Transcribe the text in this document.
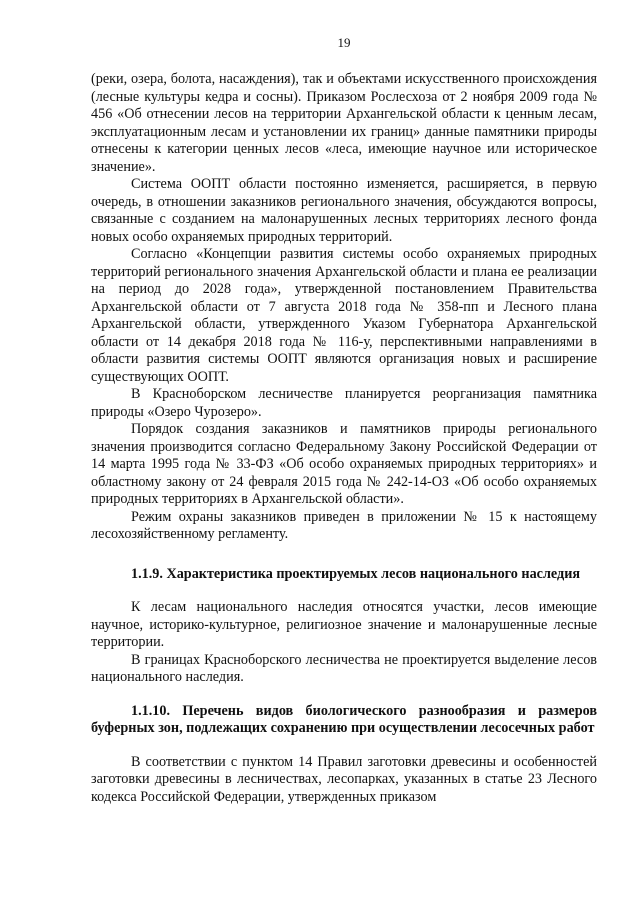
19

(реки, озера, болота, насаждения), так и объектами искусственного происхождения (лесные культуры кедра и сосны). Приказом Рослесхоза от 2 ноября 2009 года № 456 «Об отнесении лесов на территории Архангельской области к ценным лесам, эксплуатационным лесам и установлении их границ» данные памятники природы отнесены к категории ценных лесов «леса, имеющие научное или историческое значение».

Система ООПТ области постоянно изменяется, расширяется, в первую очередь, в отношении заказников регионального значения, обсуждаются вопросы, связанные с созданием на малонарушенных лесных территориях лесного фонда новых особо охраняемых природных территорий.

Согласно «Концепции развития системы особо охраняемых природных территорий регионального значения Архангельской области и плана ее реализации на период до 2028 года», утвержденной постановлением Правительства Архангельской области от 7 августа 2018 года № 358-пп и Лесного плана Архангельской области, утвержденного Указом Губернатора Архангельской области от 14 декабря 2018 года № 116-у, перспективными направлениями в области развития системы ООПТ являются организация новых и расширение существующих ООПТ.

В Красноборском лесничестве планируется реорганизация памятника природы «Озеро Чурозеро».

Порядок создания заказников и памятников природы регионального значения производится согласно Федеральному Закону Российской Федерации от 14 марта 1995 года № 33-ФЗ «Об особо охраняемых природных территориях» и областному закону от 24 февраля 2015 года № 242-14-ОЗ «Об особо охраняемых природных территориях в Архангельской области».

Режим охраны заказников приведен в приложении № 15 к настоящему лесохозяйственному регламенту.

1.1.9. Характеристика проектируемых лесов национального наследия

К лесам национального наследия относятся участки, лесов имеющие научное, историко-культурное, религиозное значение и малонарушенные лесные территории.

В границах Красноборского лесничества не проектируется выделение лесов национального наследия.

1.1.10. Перечень видов биологического разнообразия и размеров буферных зон, подлежащих сохранению при осуществлении лесосечных работ

В соответствии с пунктом 14 Правил заготовки древесины и особенностей заготовки древесины в лесничествах, лесопарках, указанных в статье 23 Лесного кодекса Российской Федерации, утвержденных приказом
